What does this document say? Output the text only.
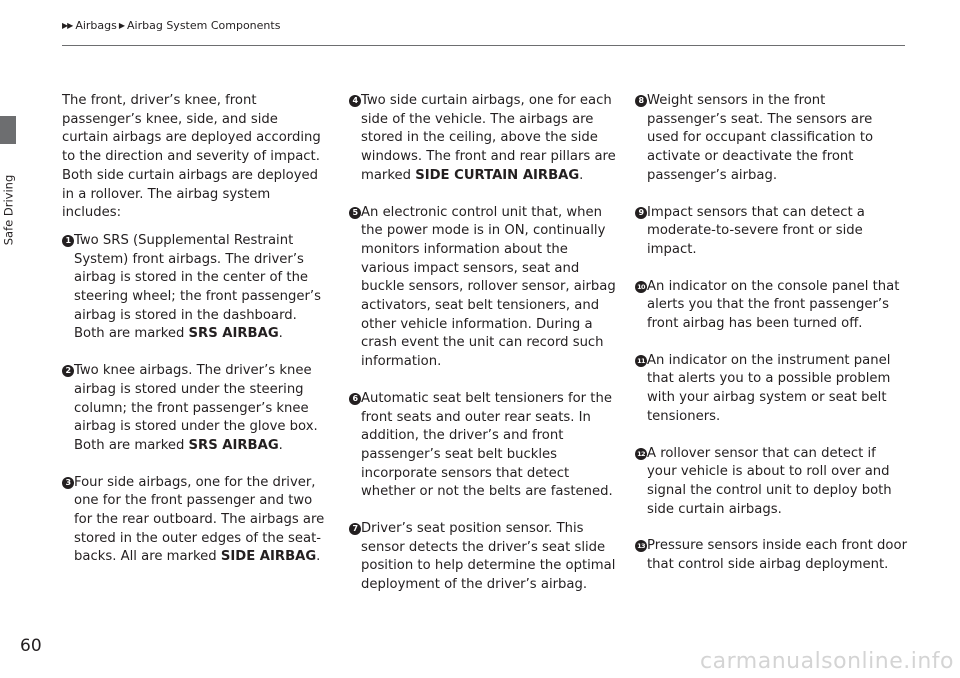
▶▶ Airbags ▶ Airbag System Components
Safe Driving

The front, driver’s knee, front passenger’s knee, side, and side curtain airbags are deployed according to the direction and severity of impact. Both side curtain airbags are deployed in a rollover. The airbag system includes:

1 Two SRS (Supplemental Restraint System) front airbags. The driver’s airbag is stored in the center of the steering wheel; the front passenger’s airbag is stored in the dashboard. Both are marked SRS AIRBAG.

2 Two knee airbags. The driver’s knee airbag is stored under the steering column; the front passenger’s knee airbag is stored under the glove box. Both are marked SRS AIRBAG.

3 Four side airbags, one for the driver, one for the front passenger and two for the rear outboard. The airbags are stored in the outer edges of the seat-backs. All are marked SIDE AIRBAG.

4 Two side curtain airbags, one for each side of the vehicle. The airbags are stored in the ceiling, above the side windows. The front and rear pillars are marked SIDE CURTAIN AIRBAG.

5 An electronic control unit that, when the power mode is in ON, continually monitors information about the various impact sensors, seat and buckle sensors, rollover sensor, airbag activators, seat belt tensioners, and other vehicle information. During a crash event the unit can record such information.

6 Automatic seat belt tensioners for the front seats and outer rear seats. In addition, the driver’s and front passenger’s seat belt buckles incorporate sensors that detect whether or not the belts are fastened.

7 Driver’s seat position sensor. This sensor detects the driver’s seat slide position to help determine the optimal deployment of the driver’s airbag.

8 Weight sensors in the front passenger’s seat. The sensors are used for occupant classification to activate or deactivate the front passenger’s airbag.

9 Impact sensors that can detect a moderate-to-severe front or side impact.

10 An indicator on the console panel that alerts you that the front passenger’s front airbag has been turned off.

11 An indicator on the instrument panel that alerts you to a possible problem with your airbag system or seat belt tensioners.

12 A rollover sensor that can detect if your vehicle is about to roll over and signal the control unit to deploy both side curtain airbags.

13 Pressure sensors inside each front door that control side airbag deployment.

60
carmanualsonline.info
